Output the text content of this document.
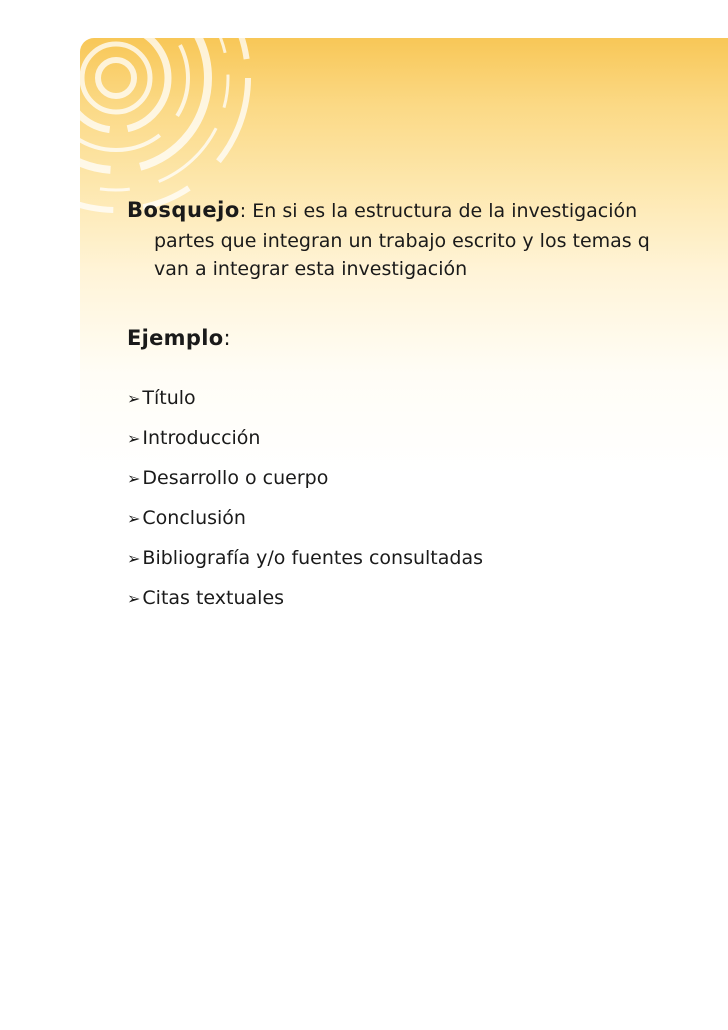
Bosquejo: En si es la estructura de la investigación
partes que integran un trabajo escrito y los temas q
van a integrar esta investigación
Ejemplo:
➢ Título
➢ Introducción
➢ Desarrollo o cuerpo
➢ Conclusión
➢ Bibliografía y/o fuentes consultadas
➢ Citas textuales
